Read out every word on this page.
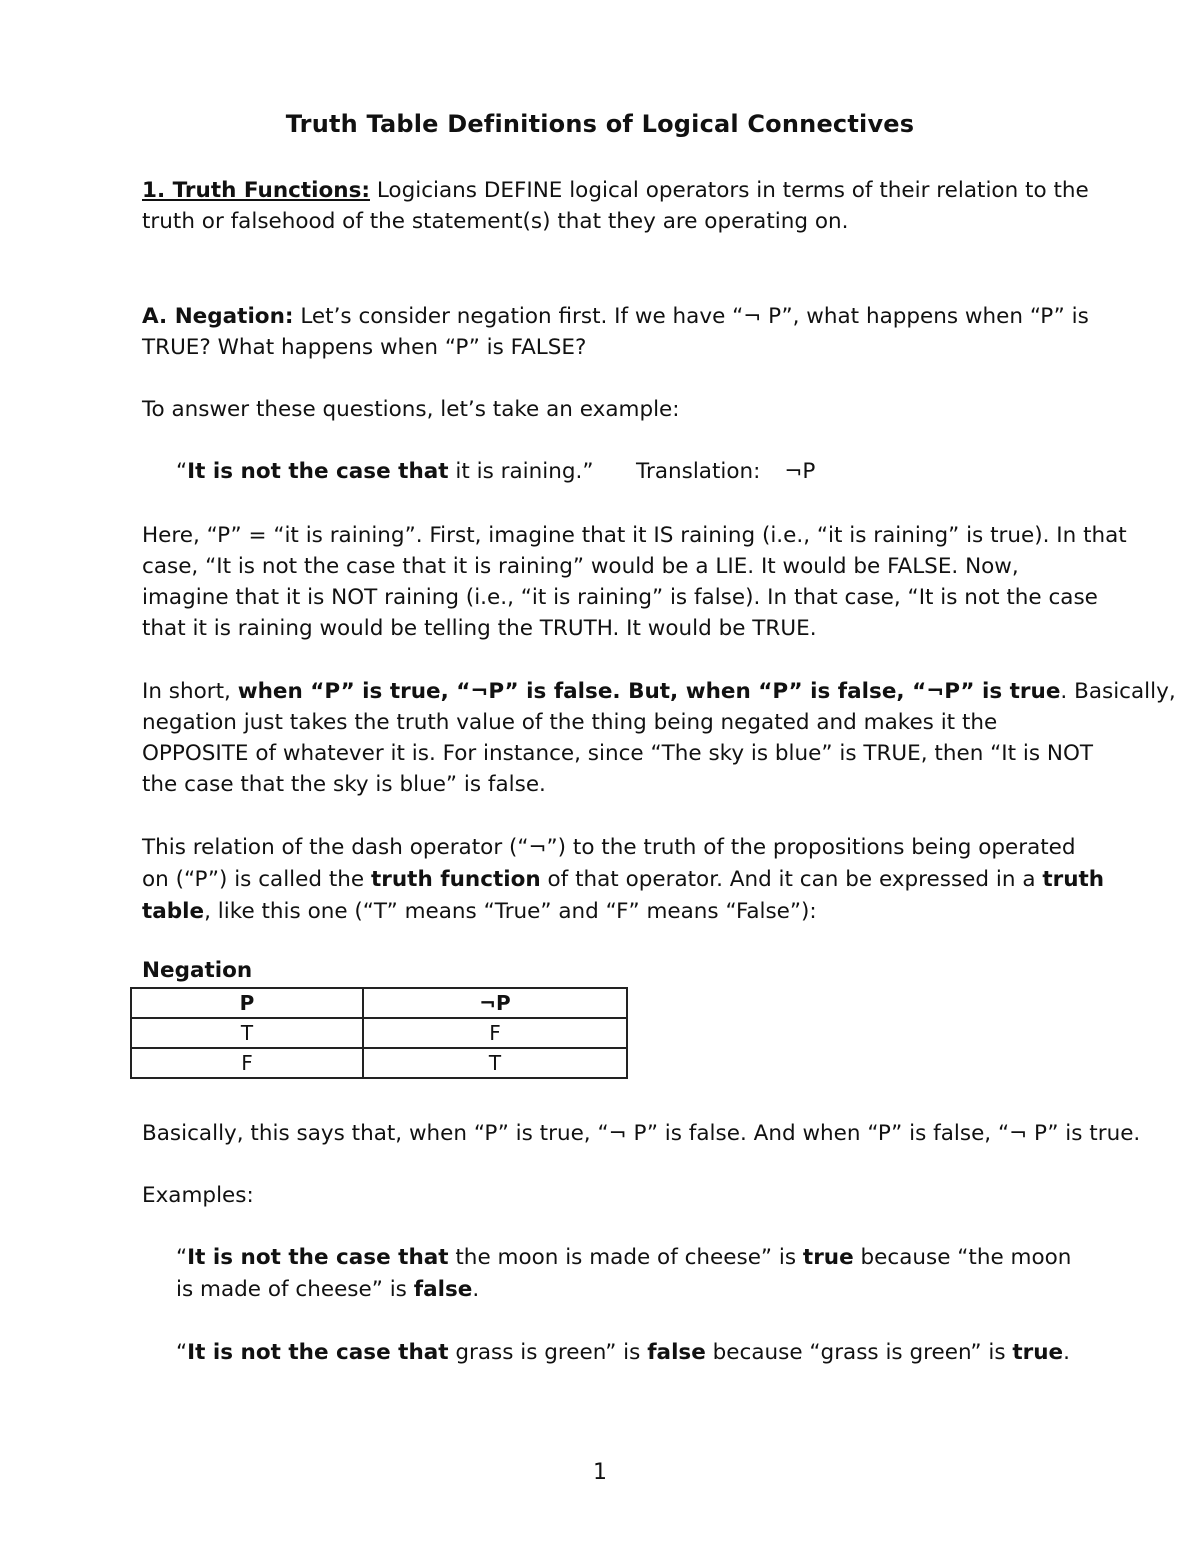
Truth Table Definitions of Logical Connectives
1. Truth Functions: Logicians DEFINE logical operators in terms of their relation to the
truth or falsehood of the statement(s) that they are operating on.
A. Negation: Let’s consider negation first. If we have “¬ P”, what happens when “P” is
TRUE? What happens when “P” is FALSE?
To answer these questions, let’s take an example:
“It is not the case that it is raining.” Translation: ¬P
Here, “P” = “it is raining”. First, imagine that it IS raining (i.e., “it is raining” is true). In that
case, “It is not the case that it is raining” would be a LIE. It would be FALSE. Now,
imagine that it is NOT raining (i.e., “it is raining” is false). In that case, “It is not the case
that it is raining would be telling the TRUTH. It would be TRUE.
In short, when “P” is true, “¬P” is false. But, when “P” is false, “¬P” is true. Basically,
negation just takes the truth value of the thing being negated and makes it the
OPPOSITE of whatever it is. For instance, since “The sky is blue” is TRUE, then “It is NOT
the case that the sky is blue” is false.
This relation of the dash operator (“¬”) to the truth of the propositions being operated
on (“P”) is called the truth function of that operator. And it can be expressed in a truth
table, like this one (“T” means “True” and “F” means “False”):
Negation
P	¬P
T	F
F	T
Basically, this says that, when “P” is true, “¬ P” is false. And when “P” is false, “¬ P” is true.
Examples:
“It is not the case that the moon is made of cheese” is true because “the moon
is made of cheese” is false.
“It is not the case that grass is green” is false because “grass is green” is true.
1
